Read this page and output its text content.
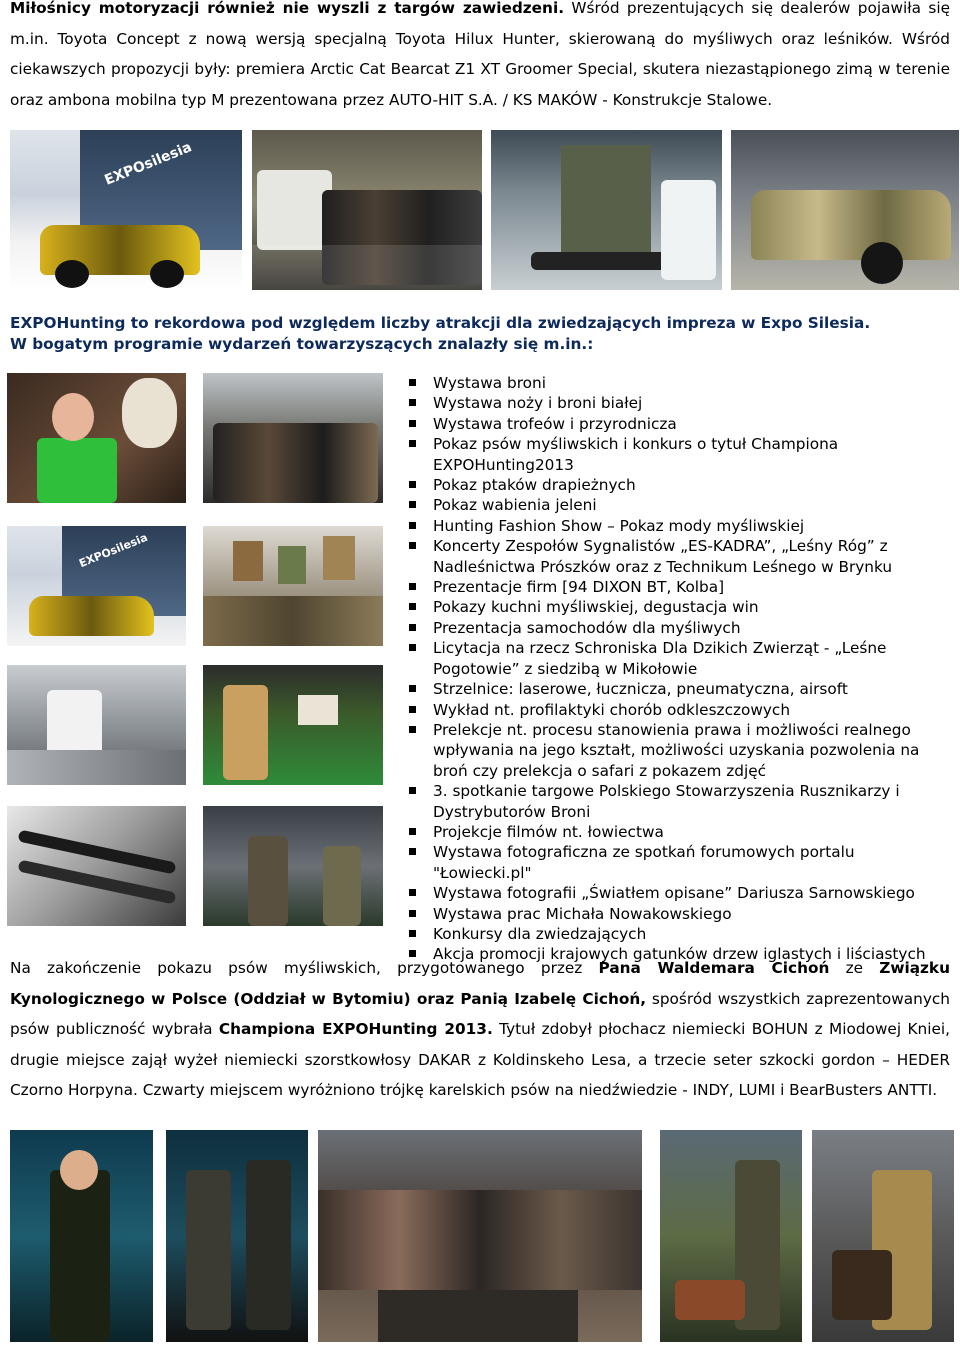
Miłośnicy motoryzacji również nie wyszli z targów zawiedzeni. Wśród prezentujących się dealerów pojawiła się m.in. Toyota Concept z nową wersją specjalną Toyota Hilux Hunter, skierowaną do myśliwych oraz leśników. Wśród ciekawszych propozycji były: premiera Arctic Cat Bearcat Z1 XT Groomer Special, skutera niezastąpionego zimą w terenie oraz ambona mobilna typ M prezentowana przez AUTO-HIT S.A. / KS MAKÓW - Konstrukcje Stalowe.

EXPOsilesia
EXPOHunting to rekordowa pod względem liczby atrakcji dla zwiedzających impreza w Expo Silesia.
W bogatym programie wydarzeń towarzyszących znalazły się m.in.:
EXPOsilesia
Wystawa broni
Wystawa noży i broni białej
Wystawa trofeów i przyrodnicza
Pokaz psów myśliwskich i konkurs o tytuł Championa EXPOHunting2013
Pokaz ptaków drapieżnych
Pokaz wabienia jeleni
Hunting Fashion Show – Pokaz mody myśliwskiej
Koncerty Zespołów Sygnalistów „ES-KADRA”, „Leśny Róg” z Nadleśnictwa Prószków oraz z Technikum Leśnego w Brynku
Prezentacje firm [94 DIXON BT, Kolba]
Pokazy kuchni myśliwskiej, degustacja win
Prezentacja samochodów dla myśliwych
Licytacja na rzecz Schroniska Dla Dzikich Zwierząt - „Leśne Pogotowie” z siedzibą w Mikołowie
Strzelnice: laserowe, łucznicza, pneumatyczna, airsoft
Wykład nt. profilaktyki chorób odkleszczowych
Prelekcje nt. procesu stanowienia prawa i możliwości realnego wpływania na jego kształt, możliwości uzyskania pozwolenia na broń czy prelekcja o safari z pokazem zdjęć
3. spotkanie targowe Polskiego Stowarzyszenia Rusznikarzy i Dystrybutorów Broni
Projekcje filmów nt. łowiectwa
Wystawa fotograficzna ze spotkań forumowych portalu "Łowiecki.pl"
Wystawa fotografii „Światłem opisane” Dariusza Sarnowskiego
Wystawa prac Michała Nowakowskiego
Konkursy dla zwiedzających
Akcja promocji krajowych gatunków drzew iglastych i liściastych

Na zakończenie pokazu psów myśliwskich, przygotowanego przez Pana Waldemara Cichoń ze Związku Kynologicznego w Polsce (Oddział w Bytomiu) oraz Panią Izabelę Cichoń, spośród wszystkich zaprezentowanych psów publiczność wybrała Championa EXPOHunting 2013. Tytuł zdobył płochacz niemiecki BOHUN z Miodowej Kniei, drugie miejsce zajął wyżeł niemiecki szorstkowłosy DAKAR z Koldinskeho Lesa, a trzecie seter szkocki gordon – HEDER Czorno Horpyna. Czwarty miejscem wyróżniono trójkę karelskich psów na niedźwiedzie - INDY, LUMI i BearBusters ANTTI.
